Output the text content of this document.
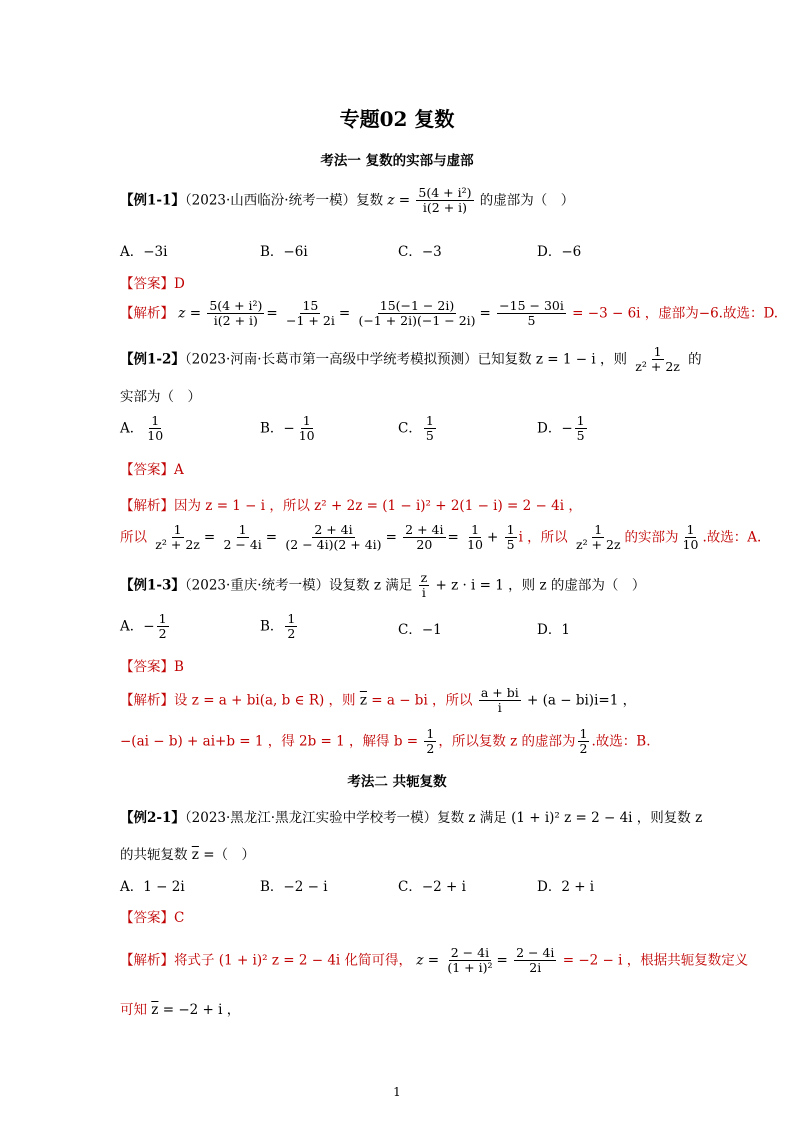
专题02 复数
考法一 复数的实部与虚部
【例1-1】（2023·山西临汾·统考一模）复数 $z = \frac{\text{5(4 + i²)}}{i(2 + i)}$ 的虚部为（　）
A．−3i	B．−6i	C．−3	D．−6
【答案】D
【解析】 $z = \frac{\text{5(4 + i²)}}{i(2 + i)} = \frac{15}{-1 + 2i} = \frac{15(-1 - 2i)}{(-1 + 2i)(-1 - 2i)} = \frac{-15 - 30i}{5} = -3 - 6i$ ，虚部为−6.故选：D.
【例1-2】（2023·河南·长葛市第一高级中学统考模拟预测）已知复数 z = 1 − i ，则 $\frac{1}{\text{z² + 2z}}$ 的
实部为（　）
A． $\frac{1}{10}$	B．− $\frac{1}{10}$	C． $\frac{1}{5}$	D．− $\frac{1}{5}$
【答案】A
【解析】因为 z = 1 − i ，所以 z² + 2z = (1 − i)² + 2(1 − i) = 2 − 4i ，
所以 $\frac{1}{\text{z² + 2z}} = \frac{1}{2 - 4i} = \frac{2 + 4i}{(2 - 4i)(2 + 4i)} = \frac{2 + 4i}{20} = \frac{1}{10} + \frac{1}{5}$ i ，所以 $\frac{1}{\text{z² + 2z}}$ 的实部为 $\frac{1}{10}$ .故选：A.
【例1-3】（2023·重庆·统考一模）设复数 z 满足 $\frac{z}{i} + z \cdot i = 1$ ，则 z 的虚部为（　）
A．− $\frac{1}{2}$	B． $\frac{1}{2}$	C．−1	D．1
【答案】B
【解析】设 z = a + bi(a, b ∈ R) ，则 $\overline{z} = a$ − bi ，所以 $\frac{a + bi}{i} + (a - bi)i=1$ ，
−(ai − b) + ai+b = 1 ，得 2b = 1 ，解得 $b = \frac{1}{2}$ ，所以复数 z 的虚部为 $\frac{1}{2}$ .故选：B.
考法二 共轭复数
【例2-1】（2023·黑龙江·黑龙江实验中学校考一模）复数 z 满足 (1 + i)² z = 2 − 4i ，则复数 z
的共轭复数 $\overline{z}$ =（　）
A．1 − 2i	B．−2 − i	C．−2 + i	D．2 + i
【答案】C
【解析】将式子 (1 + i)² z = 2 − 4i 化简可得， $z = \frac{2 - 4i}{\text{(1 + i)²}} = \frac{2 - 4i}{2i} = -2 - i$ ，根据共轭复数定义
可知 $\overline{z} = -2 + i$ ，
1
